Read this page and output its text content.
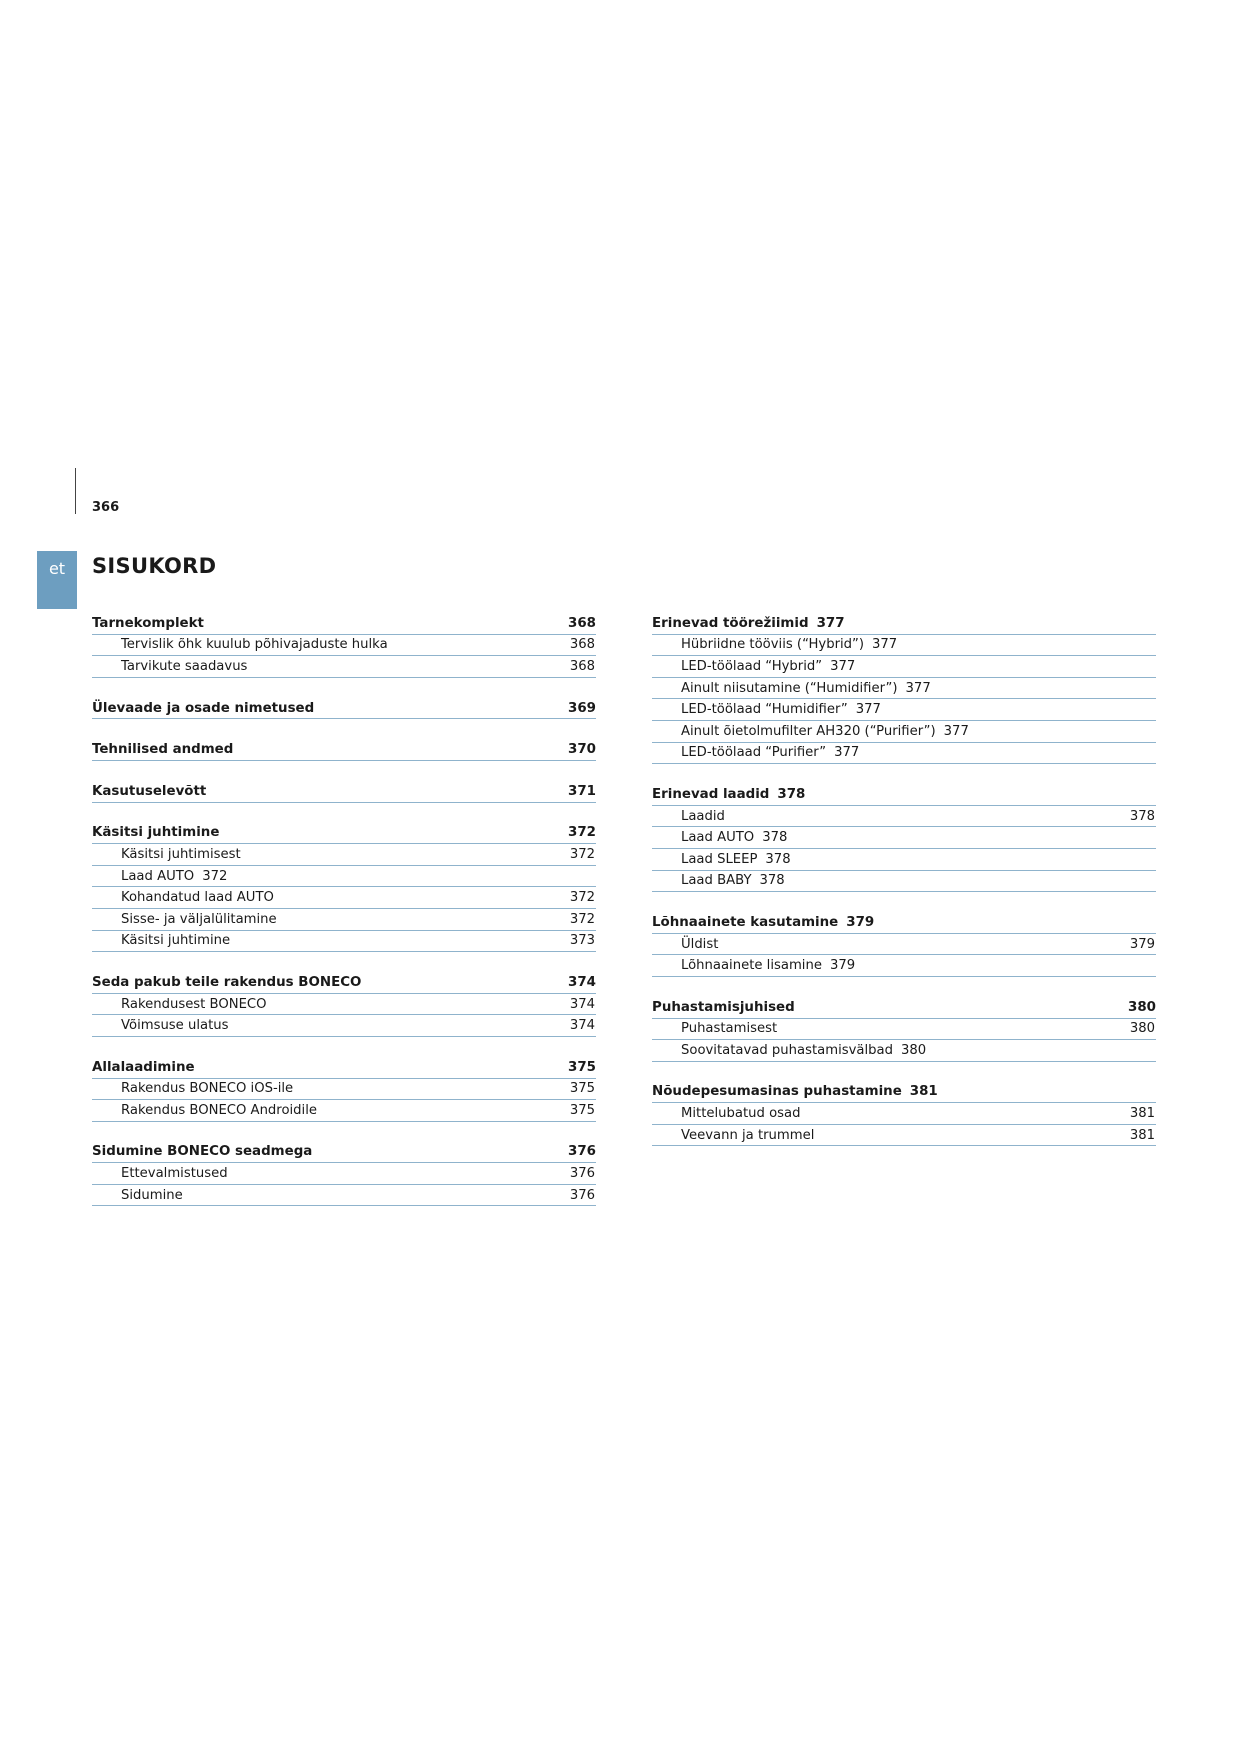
366
et	SISUKORD
Tarnekomplekt	368
Tervislik õhk kuulub põhivajaduste hulka	368
Tarvikute saadavus	368
Ülevaade ja osade nimetused	369
Tehnilised andmed	370
Kasutuselevõtt	371
Käsitsi juhtimine	372
Käsitsi juhtimisest	372
Laad AUTO 372
Kohandatud laad AUTO	372
Sisse- ja väljalülitamine	372
Käsitsi juhtimine	373
Seda pakub teile rakendus BONECO	374
Rakendusest BONECO	374
Võimsuse ulatus	374
Allalaadimine	375
Rakendus BONECO iOS-ile	375
Rakendus BONECO Androidile	375
Sidumine BONECO seadmega	376
Ettevalmistused	376
Sidumine	376
Erinevad töörežiimid 377
Hübriidne tööviis (“Hybrid”) 377
LED-töölaad “Hybrid” 377
Ainult niisutamine (“Humidifier”) 377
LED-töölaad “Humidifier” 377
Ainult õietolmufilter AH320 (“Purifier”) 377
LED-töölaad “Purifier” 377
Erinevad laadid 378
Laadid	378
Laad AUTO 378
Laad SLEEP 378
Laad BABY 378
Lõhnaainete kasutamine 379
Üldist	379
Lõhnaainete lisamine 379
Puhastamisjuhised	380
Puhastamisest	380
Soovitatavad puhastamisvälbad 380
Nõudepesumasinas puhastamine 381
Mittelubatud osad	381
Veevann ja trummel	381
